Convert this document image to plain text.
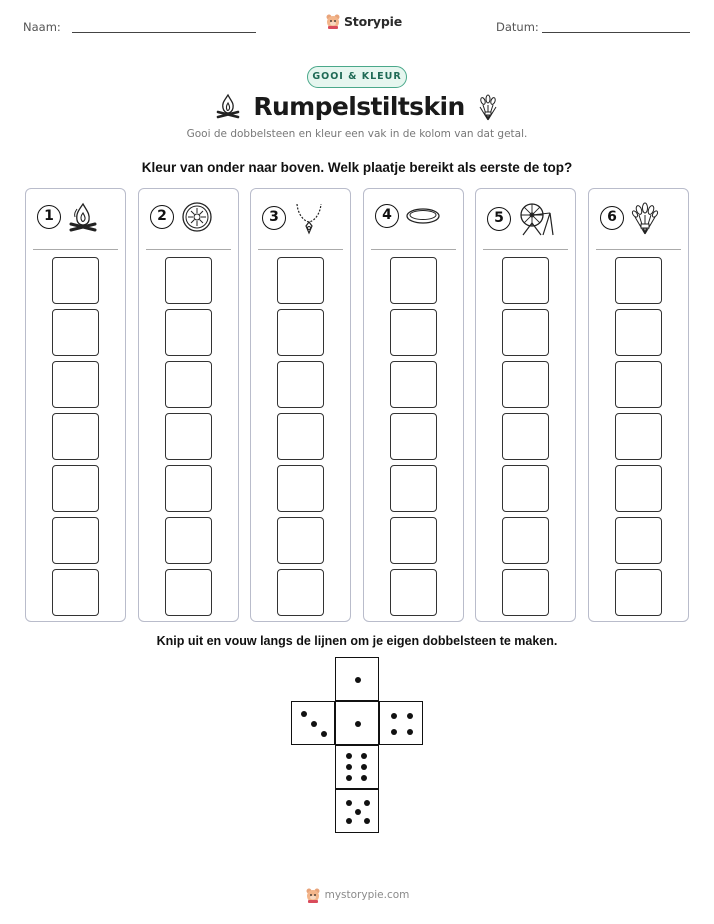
Naam:	Storypie	Datum:
GOOI & KLEUR
Rumpelstiltskin
Gooi de dobbelsteen en kleur een vak in de kolom van dat getal.
Kleur van onder naar boven. Welk plaatje bereikt als eerste de top?
1	2	3	4	5	6
Knip uit en vouw langs de lijnen om je eigen dobbelsteen te maken.
mystorypie.com
